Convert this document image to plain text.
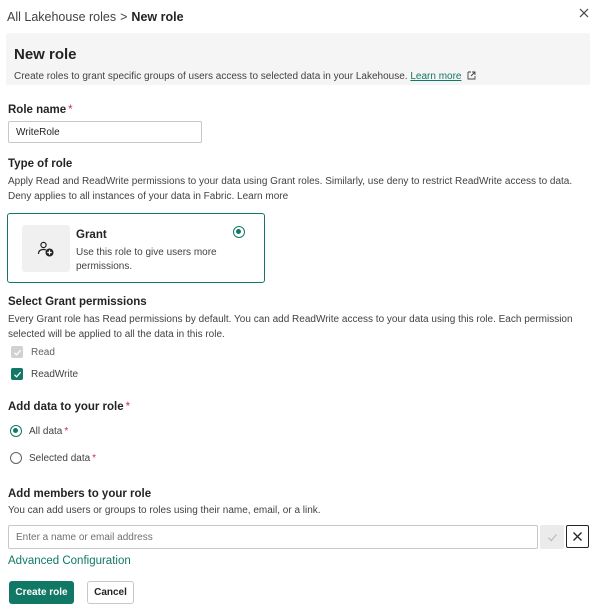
All Lakehouse roles > New role
New role
Create roles to grant specific groups of users access to selected data in your Lakehouse. Learn more
Role name *
WriteRole
Type of role
Apply Read and ReadWrite permissions to your data using Grant roles. Similarly, use deny to restrict ReadWrite access to data. Deny applies to all instances of your data in Fabric. Learn more
Grant
Use this role to give users more permissions.
Select Grant permissions
Every Grant role has Read permissions by default. You can add ReadWrite access to your data using this role. Each permission selected will be applied to all the data in this role.
Read
ReadWrite
Add data to your role *
All data *
Selected data *
Add members to your role
You can add users or groups to roles using their name, email, or a link.
Enter a name or email address
Advanced Configuration
Create role	Cancel
